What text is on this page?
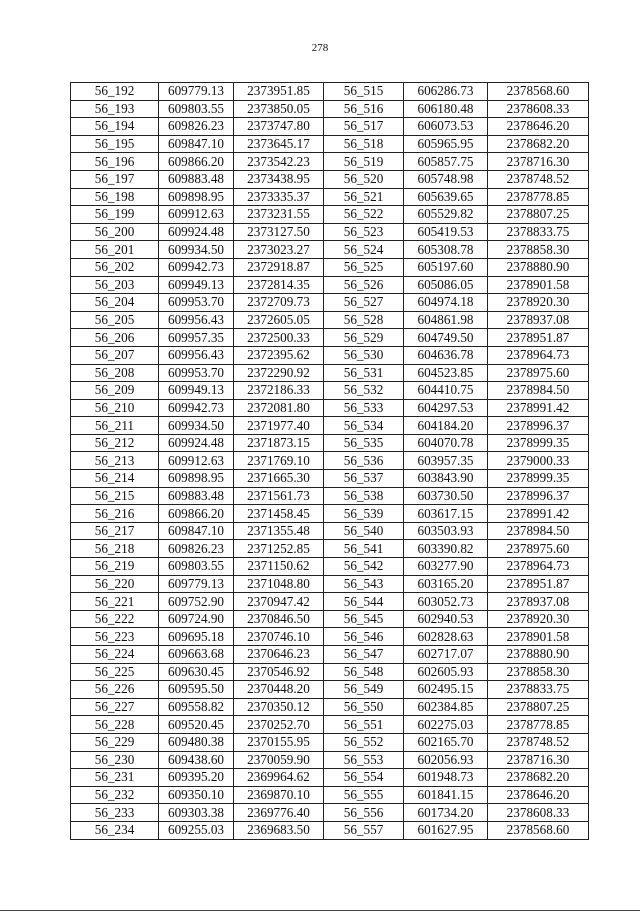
278
56_192	609779.13	2373951.85	56_515	606286.73	2378568.60
56_193	609803.55	2373850.05	56_516	606180.48	2378608.33
56_194	609826.23	2373747.80	56_517	606073.53	2378646.20
56_195	609847.10	2373645.17	56_518	605965.95	2378682.20
56_196	609866.20	2373542.23	56_519	605857.75	2378716.30
56_197	609883.48	2373438.95	56_520	605748.98	2378748.52
56_198	609898.95	2373335.37	56_521	605639.65	2378778.85
56_199	609912.63	2373231.55	56_522	605529.82	2378807.25
56_200	609924.48	2373127.50	56_523	605419.53	2378833.75
56_201	609934.50	2373023.27	56_524	605308.78	2378858.30
56_202	609942.73	2372918.87	56_525	605197.60	2378880.90
56_203	609949.13	2372814.35	56_526	605086.05	2378901.58
56_204	609953.70	2372709.73	56_527	604974.18	2378920.30
56_205	609956.43	2372605.05	56_528	604861.98	2378937.08
56_206	609957.35	2372500.33	56_529	604749.50	2378951.87
56_207	609956.43	2372395.62	56_530	604636.78	2378964.73
56_208	609953.70	2372290.92	56_531	604523.85	2378975.60
56_209	609949.13	2372186.33	56_532	604410.75	2378984.50
56_210	609942.73	2372081.80	56_533	604297.53	2378991.42
56_211	609934.50	2371977.40	56_534	604184.20	2378996.37
56_212	609924.48	2371873.15	56_535	604070.78	2378999.35
56_213	609912.63	2371769.10	56_536	603957.35	2379000.33
56_214	609898.95	2371665.30	56_537	603843.90	2378999.35
56_215	609883.48	2371561.73	56_538	603730.50	2378996.37
56_216	609866.20	2371458.45	56_539	603617.15	2378991.42
56_217	609847.10	2371355.48	56_540	603503.93	2378984.50
56_218	609826.23	2371252.85	56_541	603390.82	2378975.60
56_219	609803.55	2371150.62	56_542	603277.90	2378964.73
56_220	609779.13	2371048.80	56_543	603165.20	2378951.87
56_221	609752.90	2370947.42	56_544	603052.73	2378937.08
56_222	609724.90	2370846.50	56_545	602940.53	2378920.30
56_223	609695.18	2370746.10	56_546	602828.63	2378901.58
56_224	609663.68	2370646.23	56_547	602717.07	2378880.90
56_225	609630.45	2370546.92	56_548	602605.93	2378858.30
56_226	609595.50	2370448.20	56_549	602495.15	2378833.75
56_227	609558.82	2370350.12	56_550	602384.85	2378807.25
56_228	609520.45	2370252.70	56_551	602275.03	2378778.85
56_229	609480.38	2370155.95	56_552	602165.70	2378748.52
56_230	609438.60	2370059.90	56_553	602056.93	2378716.30
56_231	609395.20	2369964.62	56_554	601948.73	2378682.20
56_232	609350.10	2369870.10	56_555	601841.15	2378646.20
56_233	609303.38	2369776.40	56_556	601734.20	2378608.33
56_234	609255.03	2369683.50	56_557	601627.95	2378568.60
